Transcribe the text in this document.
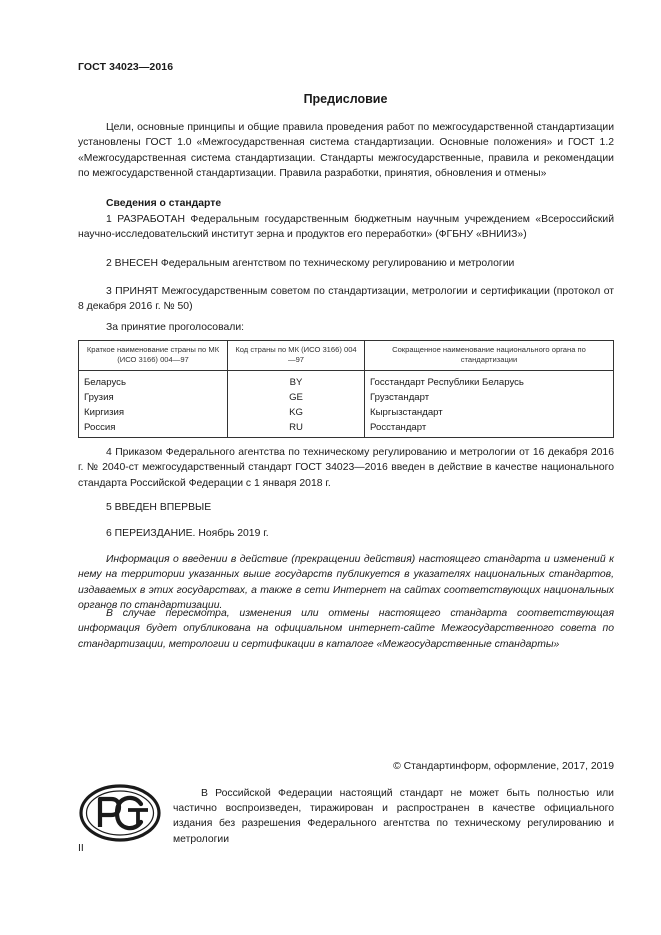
ГОСТ 34023—2016
Предисловие
Цели, основные принципы и общие правила проведения работ по межгосударственной стандартизации установлены ГОСТ 1.0 «Межгосударственная система стандартизации. Основные положения» и ГОСТ 1.2 «Межгосударственная система стандартизации. Стандарты межгосударственные, правила и рекомендации по межгосударственной стандартизации. Правила разработки, принятия, обновления и отмены»
Сведения о стандарте
1 РАЗРАБОТАН Федеральным государственным бюджетным научным учреждением «Всероссийский научно-исследовательский институт зерна и продуктов его переработки» (ФГБНУ «ВНИИЗ»)
2 ВНЕСЕН Федеральным агентством по техническому регулированию и метрологии
3 ПРИНЯТ Межгосударственным советом по стандартизации, метрологии и сертификации (протокол от 8 декабря 2016 г. № 50)
За принятие проголосовали:
Краткое наименование страны по МК (ИСО 3166) 004—97	Код страны по МК (ИСО 3166) 004—97	Сокращенное наименование национального органа по стандартизации
Беларусь	BY	Госстандарт Республики Беларусь
Грузия	GE	Грузстандарт
Киргизия	KG	Кыргызстандарт
Россия	RU	Росстандарт
4 Приказом Федерального агентства по техническому регулированию и метрологии от 16 декабря 2016 г. № 2040-ст межгосударственный стандарт ГОСТ 34023—2016 введен в действие в качестве национального стандарта Российской Федерации с 1 января 2018 г.
5 ВВЕДЕН ВПЕРВЫЕ
6 ПЕРЕИЗДАНИЕ. Ноябрь 2019 г.
Информация о введении в действие (прекращении действия) настоящего стандарта и изменений к нему на территории указанных выше государств публикуется в указателях национальных стандартов, издаваемых в этих государствах, а также в сети Интернет на сайтах соответствующих национальных органов по стандартизации.
В случае пересмотра, изменения или отмены настоящего стандарта соответствующая информация будет опубликована на официальном интернет-сайте Межгосударственного совета по стандартизации, метрологии и сертификации в каталоге «Межгосударственные стандарты»
© Стандартинформ, оформление, 2017, 2019
В Российской Федерации настоящий стандарт не может быть полностью или частично воспроизведен, тиражирован и распространен в качестве официального издания без разрешения Федерального агентства по техническому регулированию и метрологии
II
